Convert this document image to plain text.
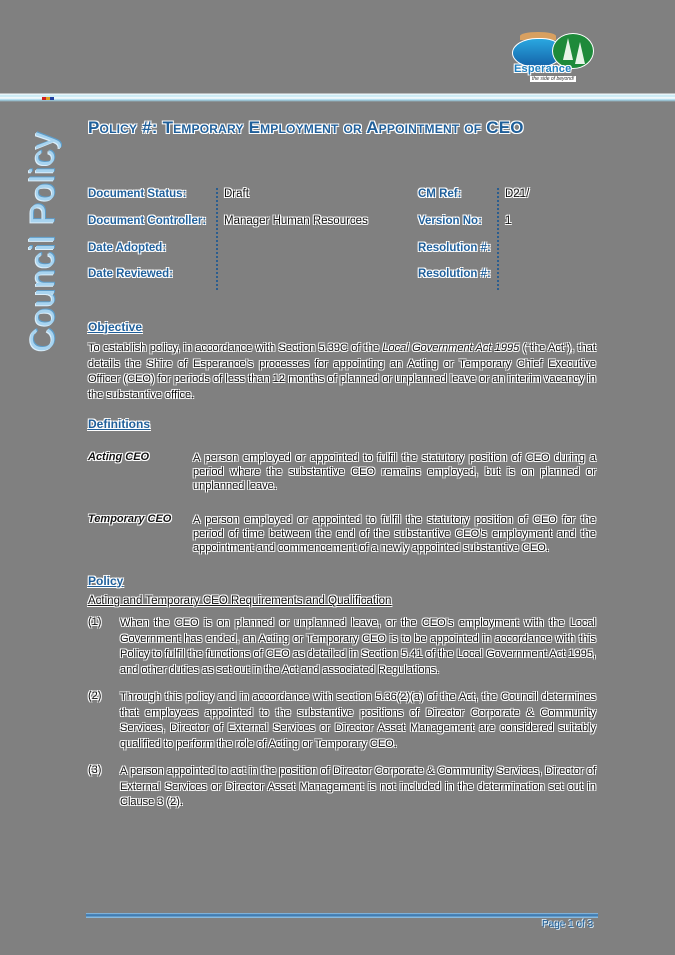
Esperance
the side of beyond!
Council Policy
Policy #: Temporary Employment or Appointment of CEO
Document Status:
Document Controller:
Date Adopted:
Date Reviewed:
Draft
Manager Human Resources
CM Ref:
Version No:
Resolution #:
Resolution #:
D21/
1
Objective
To establish policy, in accordance with Section 5.39C of the Local Government Act 1995 (“the Act”), that details the Shire of Esperance’s processes for appointing an Acting or Temporary Chief Executive Officer (CEO) for periods of less than 12 months of planned or unplanned leave or an interim vacancy in the substantive office.
Definitions
Acting CEO	A person employed or appointed to fulfil the statutory position of CEO during a period where the substantive CEO remains employed, but is on planned or unplanned leave.
Temporary CEO A person employed or appointed to fulfil the statutory position of CEO for the period of time between the end of the substantive CEO’s employment and the appointment and commencement of a newly appointed substantive CEO.
Policy
Acting and Temporary CEO Requirements and Qualification
(1) When the CEO is on planned or unplanned leave, or the CEO’s employment with the Local Government has ended, an Acting or Temporary CEO is to be appointed in accordance with this Policy to fulfil the functions of CEO as detailed in Section 5.41 of the Local Government Act 1995, and other duties as set out in the Act and associated Regulations.
(2) Through this policy and in accordance with section 5.36(2)(a) of the Act, the Council determines that employees appointed to the substantive positions of Director Corporate & Community Services, Director of External Services or Director Asset Management are considered suitably qualified to perform the role of Acting or Temporary CEO.
(3) A person appointed to act in the position of Director Corporate & Community Services, Director of External Services or Director Asset Management is not included in the determination set out in Clause 3 (2).
Page 1 of 3
